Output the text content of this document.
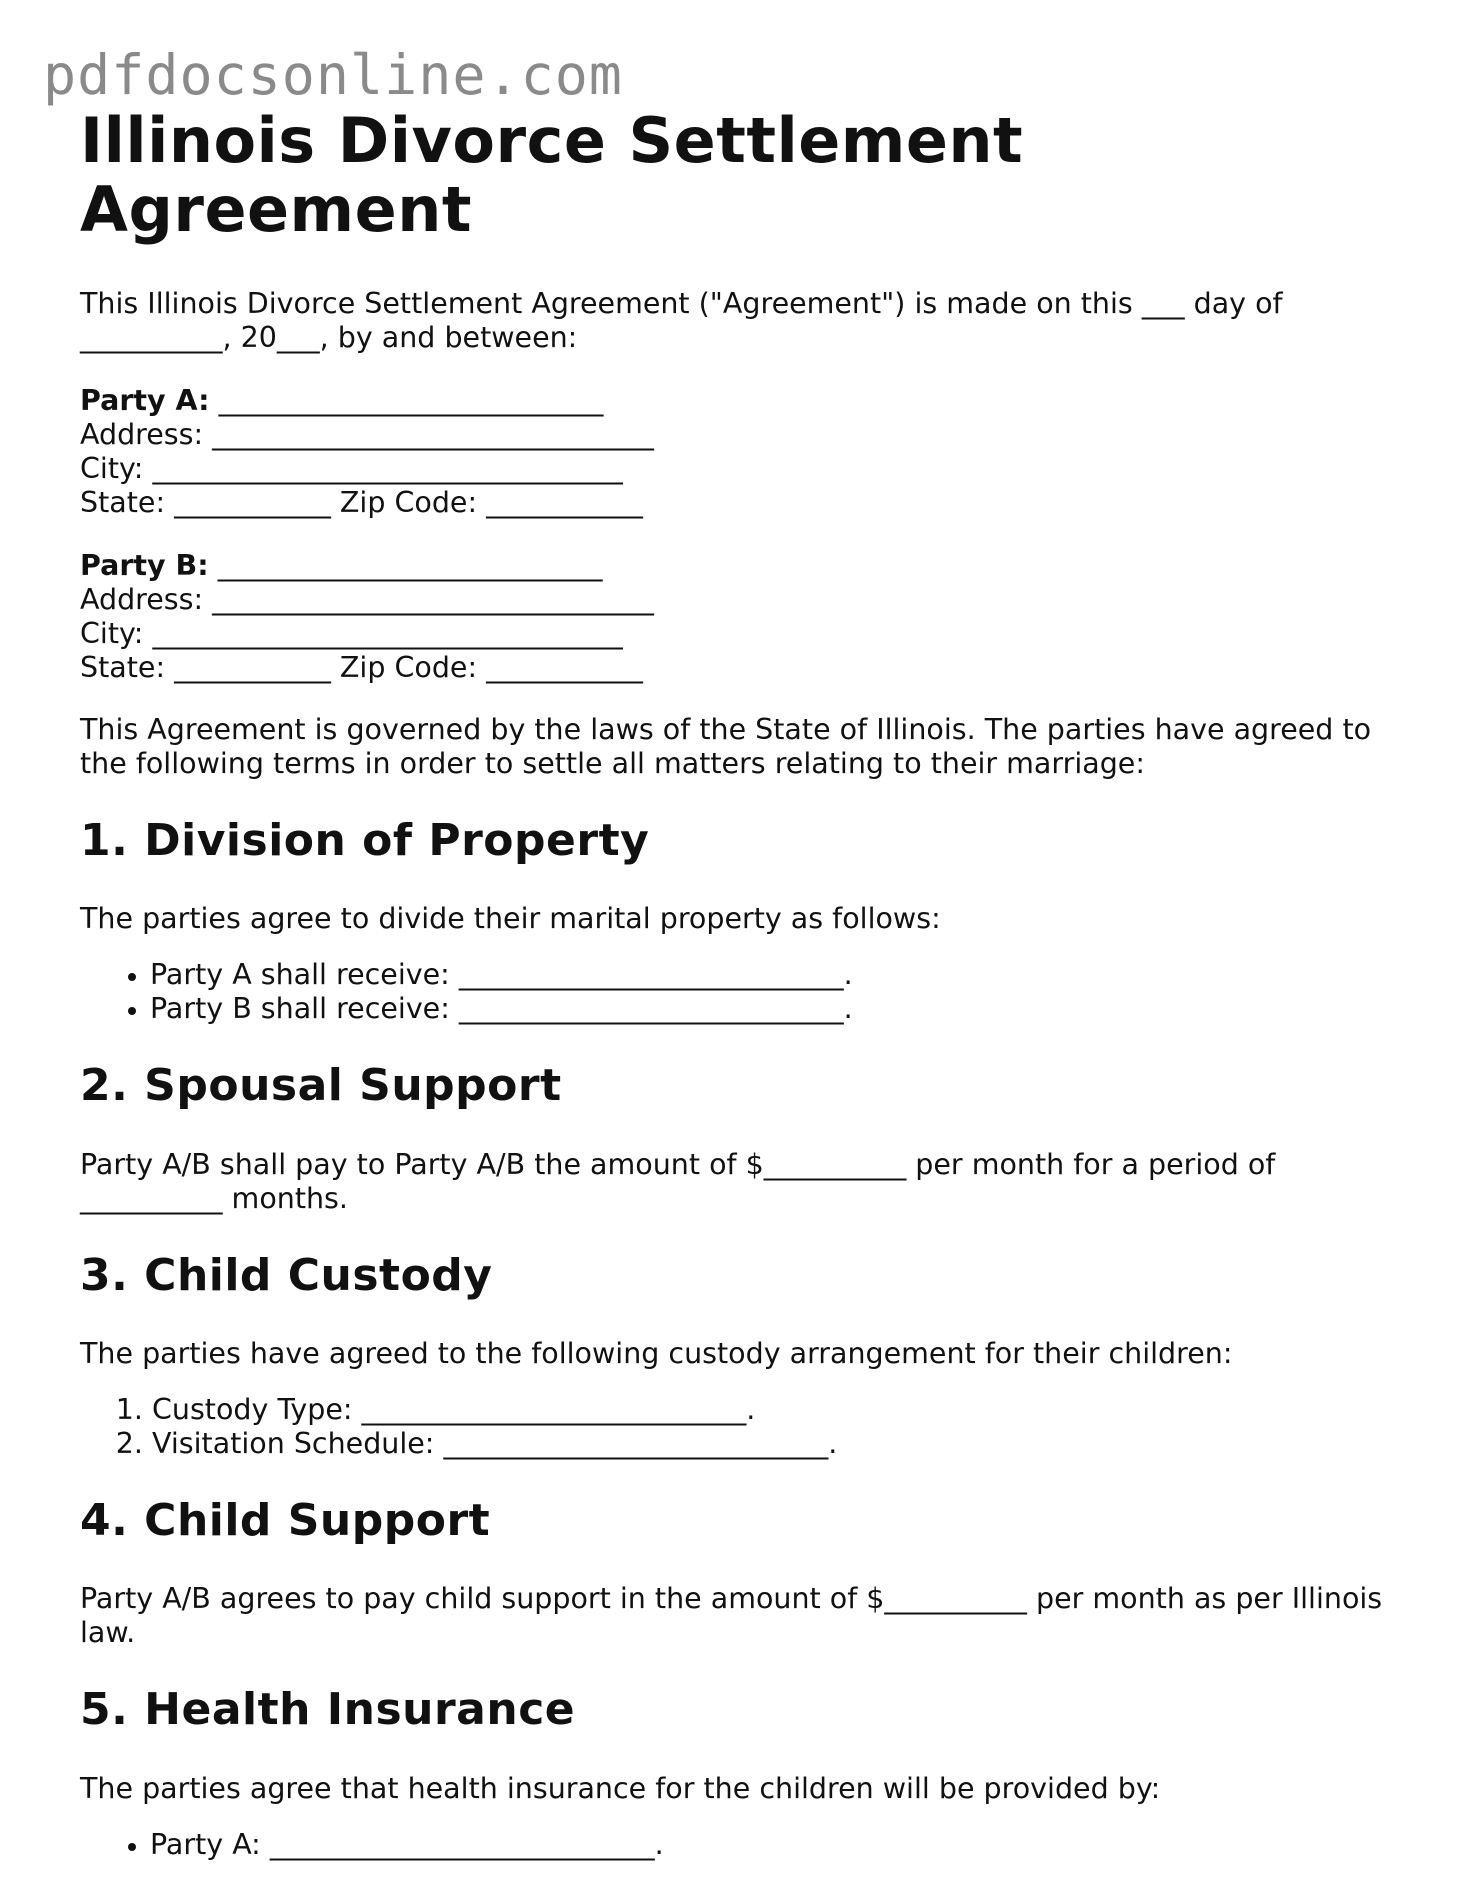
pdfdocsonline.com
Illinois Divorce Settlement Agreement

This Illinois Divorce Settlement Agreement ("Agreement") is made on this ___ day of __________, 20___, by and between:

Party A: ___________________________
Address: _______________________________
City: _________________________________
State: ___________ Zip Code: ___________
Party B: ___________________________
Address: _______________________________
City: _________________________________
State: ___________ Zip Code: ___________

This Agreement is governed by the laws of the State of Illinois. The parties have agreed to the following terms in order to settle all matters relating to their marriage:

1. Division of Property

The parties agree to divide their marital property as follows:

• Party A shall receive: ___________________________.
• Party B shall receive: ___________________________.
2. Spousal Support

Party A/B shall pay to Party A/B the amount of $__________ per month for a period of __________ months.

3. Child Custody

The parties have agreed to the following custody arrangement for their children:

1. Custody Type: ___________________________.
2. Visitation Schedule: ___________________________.
4. Child Support

Party A/B agrees to pay child support in the amount of $__________ per month as per Illinois law.

5. Health Insurance

The parties agree that health insurance for the children will be provided by:

• Party A: ___________________________.
